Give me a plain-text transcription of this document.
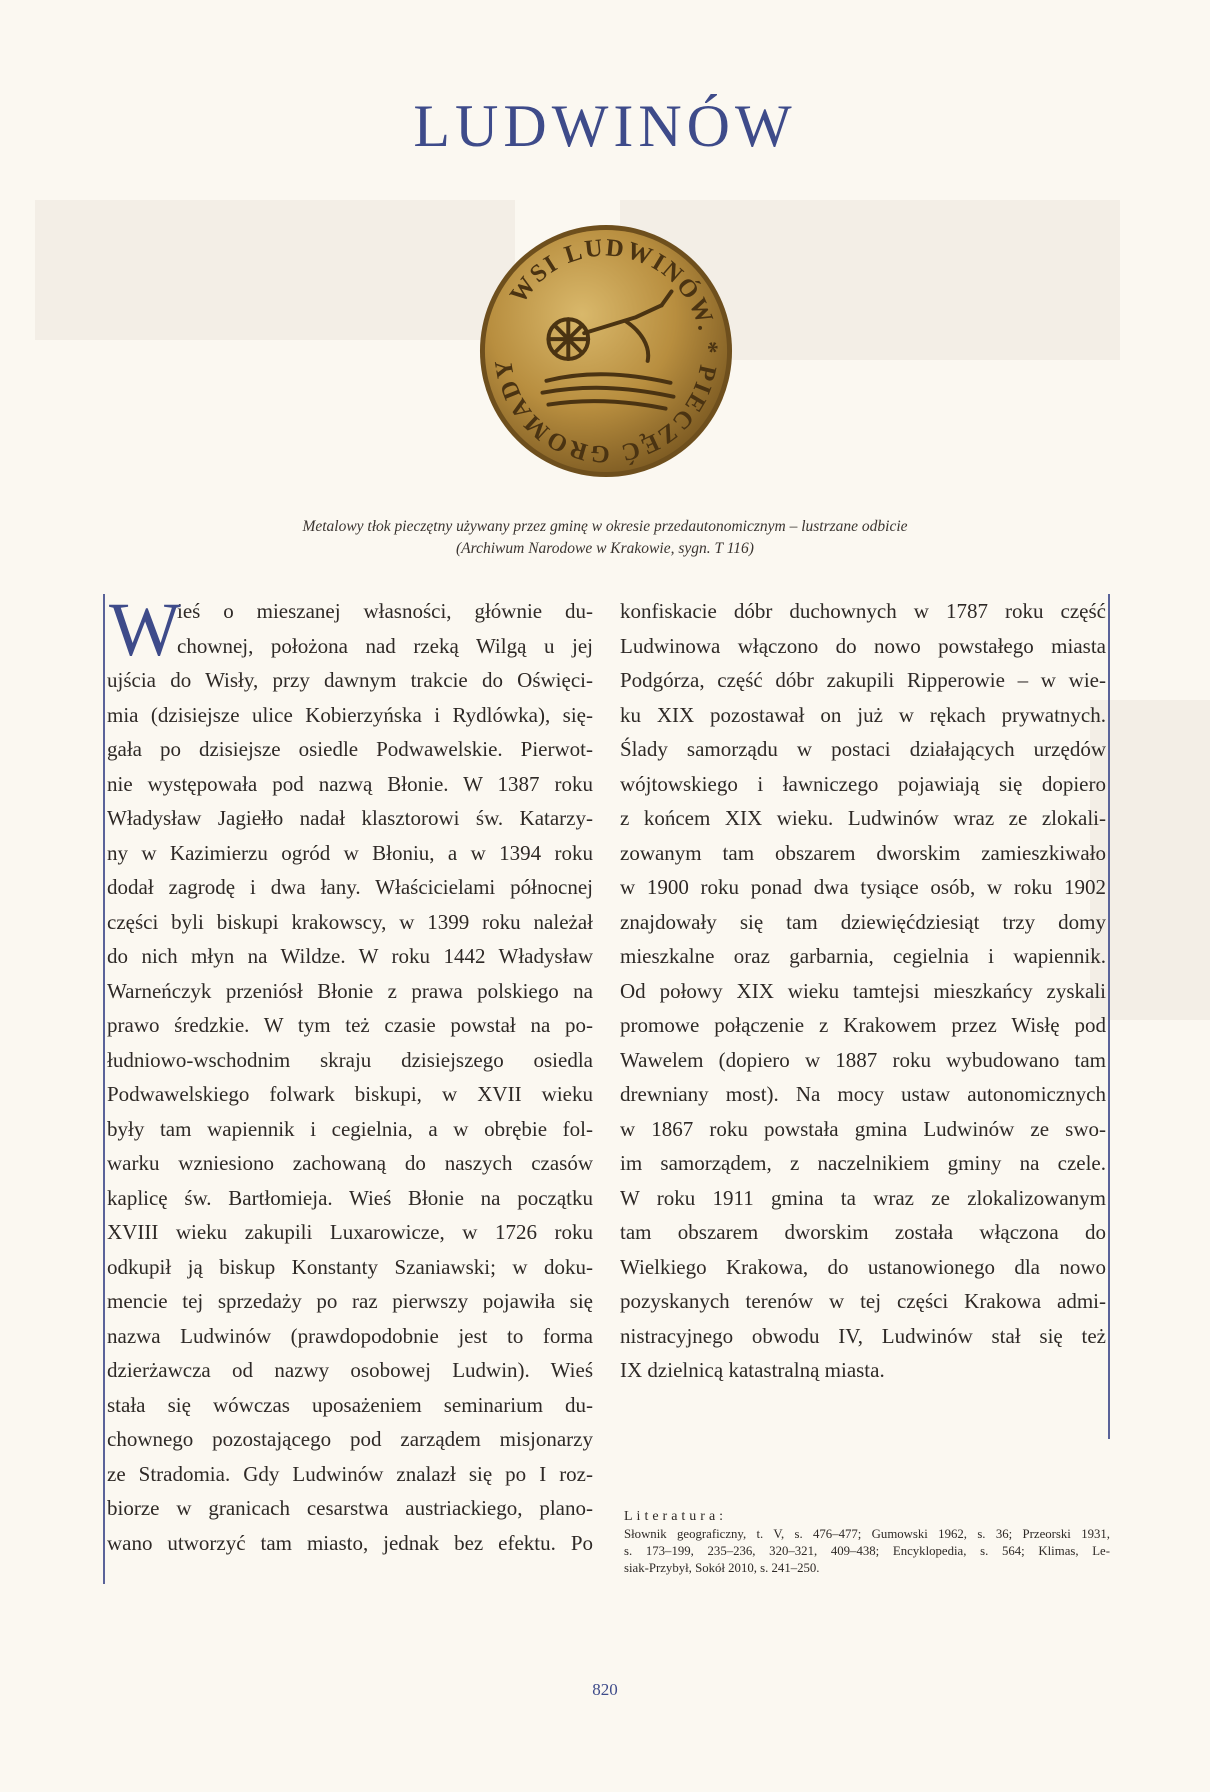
LUDWINÓW
WSI LUDWINÓW. * PIECZĘĆ GROMADY
Metalowy tłok pieczętny używany przez gminę w okresie przedautonomicznym – lustrzane odbicie
(Archiwum Narodowe w Krakowie, sygn. T 116)
W
ieś o mieszanej własności, głównie du-
chownej, położona nad rzeką Wilgą u jej
ujścia do Wisły, przy dawnym trakcie do Oświęci-
mia (dzisiejsze ulice Kobierzyńska i Rydlówka), się-
gała po dzisiejsze osiedle Podwawelskie. Pierwot-
nie występowała pod nazwą Błonie. W 1387 roku
Władysław Jagiełło nadał klasztorowi św. Katarzy-
ny w Kazimierzu ogród w Błoniu, a w 1394 roku
dodał zagrodę i dwa łany. Właścicielami północnej
części byli biskupi krakowscy, w 1399 roku należał
do nich młyn na Wildze. W roku 1442 Władysław
Warneńczyk przeniósł Błonie z prawa polskiego na
prawo średzkie. W tym też czasie powstał na po-
łudniowo-wschodnim skraju dzisiejszego osiedla
Podwawelskiego folwark biskupi, w XVII wieku
były tam wapiennik i cegielnia, a w obrębie fol-
warku wzniesiono zachowaną do naszych czasów
kaplicę św. Bartłomieja. Wieś Błonie na początku
XVIII wieku zakupili Luxarowicze, w 1726 roku
odkupił ją biskup Konstanty Szaniawski; w doku-
mencie tej sprzedaży po raz pierwszy pojawiła się
nazwa Ludwinów (prawdopodobnie jest to forma
dzierżawcza od nazwy osobowej Ludwin). Wieś
stała się wówczas uposażeniem seminarium du-
chownego pozostającego pod zarządem misjonarzy
ze Stradomia. Gdy Ludwinów znalazł się po I roz-
biorze w granicach cesarstwa austriackiego, plano-
wano utworzyć tam miasto, jednak bez efektu. Po
konfiskacie dóbr duchownych w 1787 roku część
Ludwinowa włączono do nowo powstałego miasta
Podgórza, część dóbr zakupili Ripperowie – w wie-
ku XIX pozostawał on już w rękach prywatnych.
Ślady samorządu w postaci działających urzędów
wójtowskiego i ławniczego pojawiają się dopiero
z końcem XIX wieku. Ludwinów wraz ze zlokali-
zowanym tam obszarem dworskim zamieszkiwało
w 1900 roku ponad dwa tysiące osób, w roku 1902
znajdowały się tam dziewięćdziesiąt trzy domy
mieszkalne oraz garbarnia, cegielnia i wapiennik.
Od połowy XIX wieku tamtejsi mieszkańcy zyskali
promowe połączenie z Krakowem przez Wisłę pod
Wawelem (dopiero w 1887 roku wybudowano tam
drewniany most). Na mocy ustaw autonomicznych
w 1867 roku powstała gmina Ludwinów ze swo-
im samorządem, z naczelnikiem gminy na czele.
W roku 1911 gmina ta wraz ze zlokalizowanym
tam obszarem dworskim została włączona do
Wielkiego Krakowa, do ustanowionego dla nowo
pozyskanych terenów w tej części Krakowa admi-
nistracyjnego obwodu IV, Ludwinów stał się też
IX dzielnicą katastralną miasta.
Literatura:
Słownik geograficzny, t. V, s. 476–477; Gumowski 1962, s. 36; Przeorski 1931,
s. 173–199, 235–236, 320–321, 409–438; Encyklopedia, s. 564; Klimas, Le-
siak-Przybył, Sokół 2010, s. 241–250.
820
